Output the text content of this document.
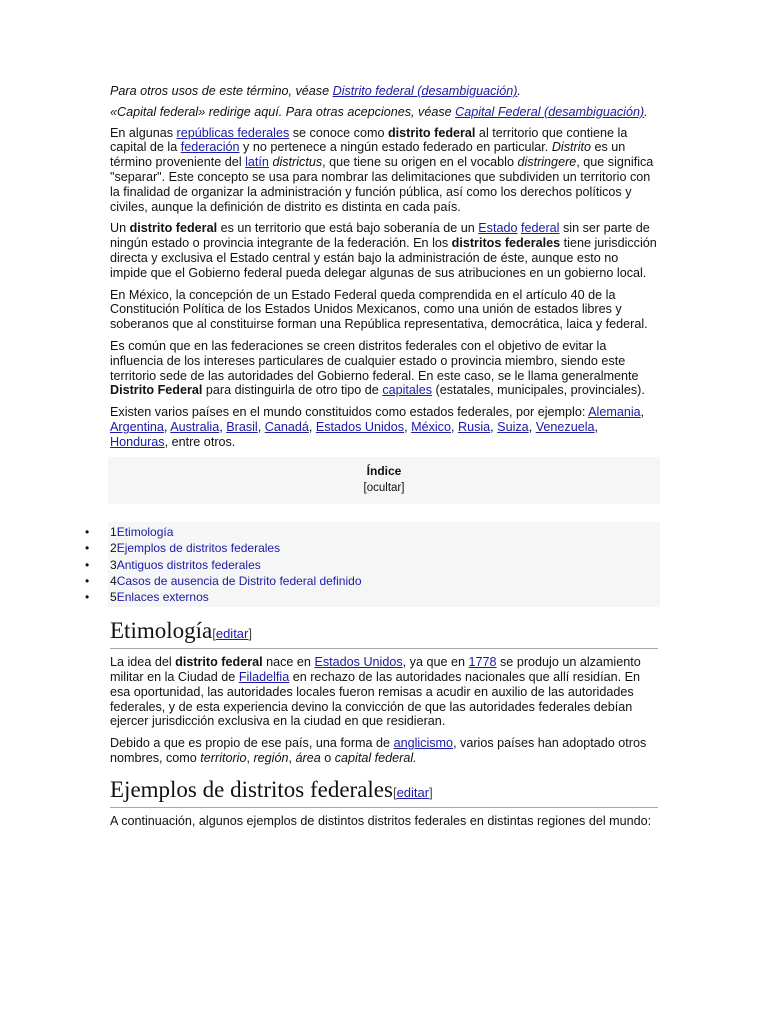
Para otros usos de este término, véase Distrito federal (desambiguación).

«Capital federal» redirige aquí. Para otras acepciones, véase Capital Federal (desambiguación).

En algunas repúblicas federales se conoce como distrito federal al territorio que contiene la capital de la federación y no pertenece a ningún estado federado en particular. Distrito es un término proveniente del latín districtus, que tiene su origen en el vocablo distringere, que significa "separar". Este concepto se usa para nombrar las delimitaciones que subdividen un territorio con la finalidad de organizar la administración y función pública, así como los derechos políticos y civiles, aunque la definición de distrito es distinta en cada país.

Un distrito federal es un territorio que está bajo soberanía de un Estado federal sin ser parte de ningún estado o provincia integrante de la federación. En los distritos federales tiene jurisdicción directa y exclusiva el Estado central y están bajo la administración de éste, aunque esto no impide que el Gobierno federal pueda delegar algunas de sus atribuciones en un gobierno local.

En México, la concepción de un Estado Federal queda comprendida en el artículo 40 de la Constitución Política de los Estados Unidos Mexicanos, como una unión de estados libres y soberanos que al constituirse forman una República representativa, democrática, laica y federal.

Es común que en las federaciones se creen distritos federales con el objetivo de evitar la influencia de los intereses particulares de cualquier estado o provincia miembro, siendo este territorio sede de las autoridades del Gobierno federal. En este caso, se le llama generalmente Distrito Federal para distinguirla de otro tipo de capitales (estatales, municipales, provinciales).

Existen varios países en el mundo constituidos como estados federales, por ejemplo: Alemania, Argentina, Australia, Brasil, Canadá, Estados Unidos, México, Rusia, Suiza, Venezuela, Honduras, entre otros.

Índice
[ocultar]
• 1Etimología
• 2Ejemplos de distritos federales
• 3Antiguos distritos federales
• 4Casos de ausencia de Distrito federal definido
• 5Enlaces externos
Etimología[editar]

La idea del distrito federal nace en Estados Unidos, ya que en 1778 se produjo un alzamiento militar en la Ciudad de Filadelfia en rechazo de las autoridades nacionales que allí residían. En esa oportunidad, las autoridades locales fueron remisas a acudir en auxilio de las autoridades federales, y de esta experiencia devino la convicción de que las autoridades federales debían ejercer jurisdicción exclusiva en la ciudad en que residieran.

Debido a que es propio de ese país, una forma de anglicismo, varios países han adoptado otros nombres, como territorio, región, área o capital federal.

Ejemplos de distritos federales[editar]

A continuación, algunos ejemplos de distintos distritos federales en distintas regiones del mundo:
